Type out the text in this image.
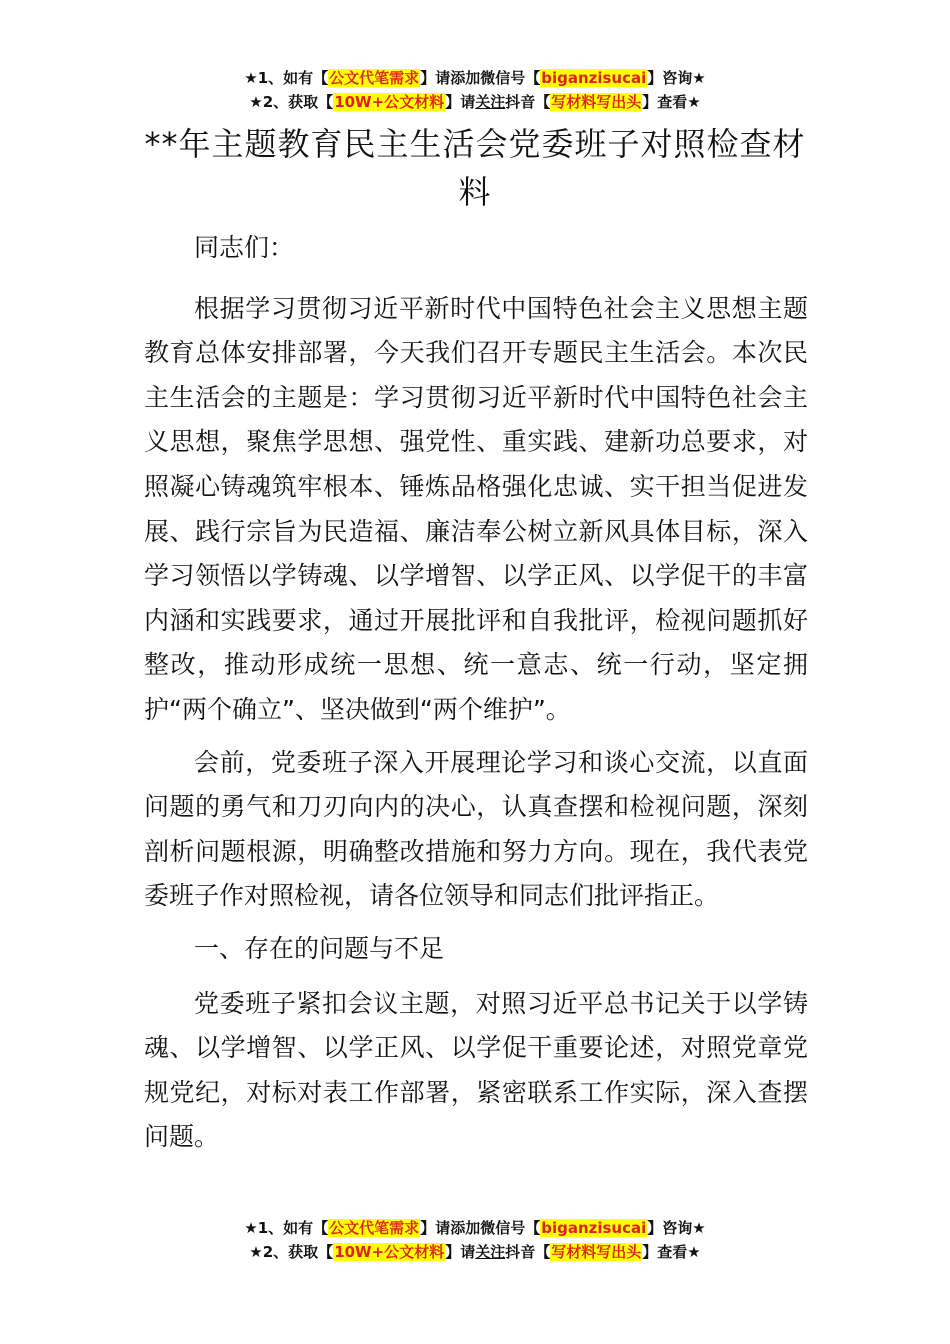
★1、如有【公文代笔需求】请添加微信号【biganzisucai】咨询★
★2、获取【10W+公文材料】请关注抖音【写材料写出头】查看★
**年主题教育民主生活会党委班子对照检查材料

同志们：

根据学习贯彻习近平新时代中国特色社会主义思想主题教育总体安排部署，今天我们召开专题民主生活会。本次民主生活会的主题是：学习贯彻习近平新时代中国特色社会主义思想，聚焦学思想、强党性、重实践、建新功总要求，对照凝心铸魂筑牢根本、锤炼品格强化忠诚、实干担当促进发展、践行宗旨为民造福、廉洁奉公树立新风具体目标，深入学习领悟以学铸魂、以学增智、以学正风、以学促干的丰富内涵和实践要求，通过开展批评和自我批评，检视问题抓好整改，推动形成统一思想、统一意志、统一行动，坚定拥护“两个确立”、坚决做到“两个维护”。

会前，党委班子深入开展理论学习和谈心交流，以直面问题的勇气和刀刃向内的决心，认真查摆和检视问题，深刻剖析问题根源，明确整改措施和努力方向。现在，我代表党委班子作对照检视，请各位领导和同志们批评指正。

一、存在的问题与不足

党委班子紧扣会议主题，对照习近平总书记关于以学铸魂、以学增智、以学正风、以学促干重要论述，对照党章党规党纪，对标对表工作部署，紧密联系工作实际，深入查摆问题。

★1、如有【公文代笔需求】请添加微信号【biganzisucai】咨询★
★2、获取【10W+公文材料】请关注抖音【写材料写出头】查看★
